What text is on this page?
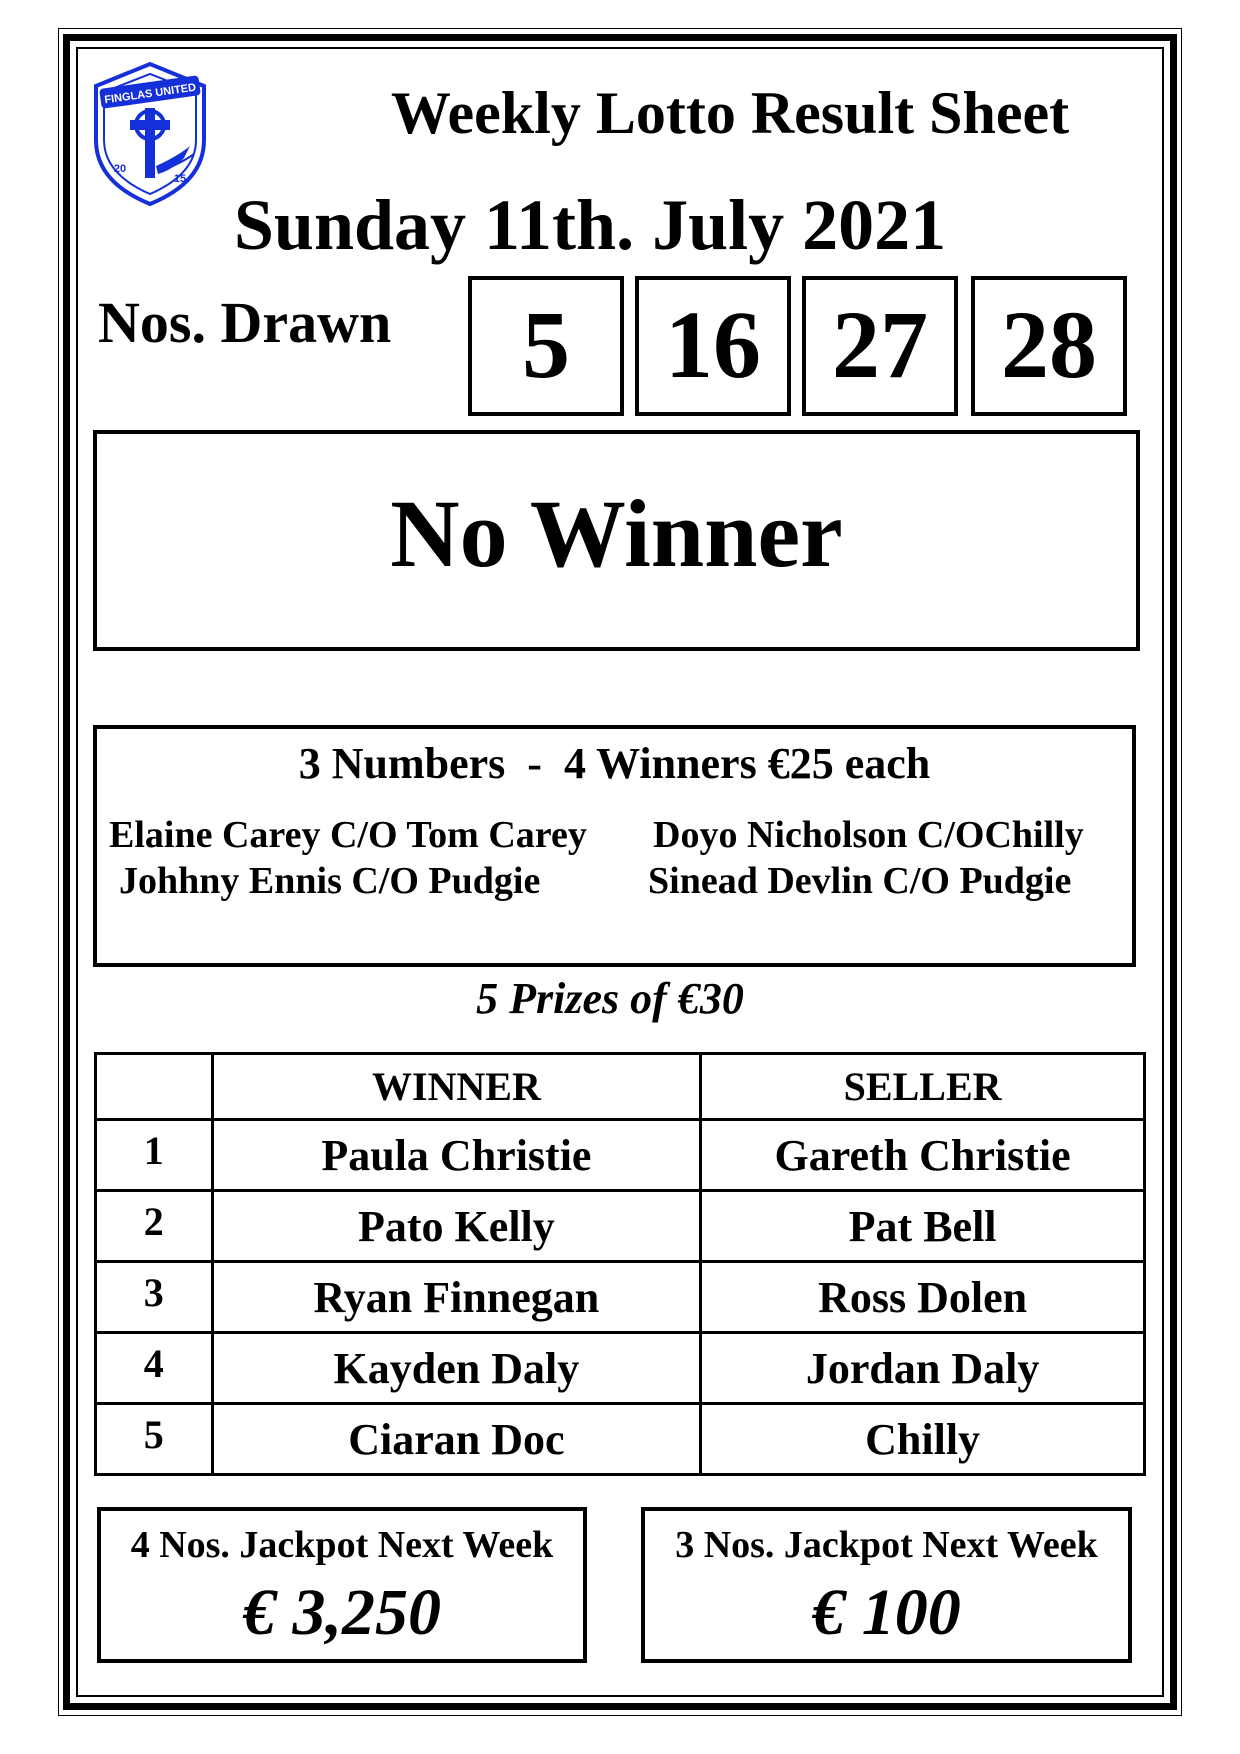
FINGLAS UNITED
20
15
Weekly Lotto Result Sheet
Sunday 11th. July 2021
Nos. Drawn	5 16 27 28
No Winner
3 Numbers  -  4 Winners €25 each
Elaine Carey C/O Tom Carey Doyo Nicholson C/OChilly
Johhny Ennis C/O Pudgie	Sinead Devlin C/O Pudgie
5 Prizes of €30
	WINNER	SELLER
1	Paula Christie	Gareth Christie
2	Pato Kelly	Pat Bell
3	Ryan Finnegan	Ross Dolen
4	Kayden Daly	Jordan Daly
5	Ciaran Doc	Chilly
4 Nos. Jackpot Next Week
€ 3,250
3 Nos. Jackpot Next Week
€ 100
